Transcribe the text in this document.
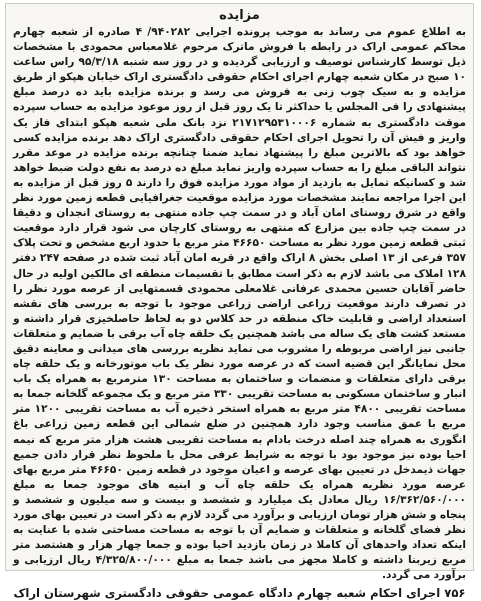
مزایده

به اطلاع عموم می رساند به موجب پرونده اجرایی ۹۴۰۲۸۲/ ۴ صادره از شعبه چهارم محاکم عمومی اراک در رابطه با فروش ماترک مرحوم غلامعباس محمودی با مشخصات ذیل توسط کارشناس توصیف و ارزیابی گردیده و در روز سه شنبه ۹۵/۳/۱۸ راس ساعت ۱۰ صبح در مکان شعبه چهارم اجرای احکام حقوقی دادگستری اراک خیابان هپکو از طریق مزایده و به سیک چوب زنی به فروش می رسد و برنده مزایده باید ده درصد مبلغ پیشنهادی را فی المجلس یا حداکثر تا یک روز قبل از روز موعود مزایده به حساب سپرده موقت دادگستری به شماره ۲۱۷۱۲۹۵۳۱۰۰۰۶ نزد بانک ملی شعبه هپکو ابتدای فاز یک واریز و فیش آن را تحویل اجرای احکام حقوقی دادگستری اراک دهد برنده مزایده کسی خواهد بود که بالاترین مبلغ را پیشنهاد نماید ضمنا چنانچه برنده مزایده در موعد مقرر نتواند الباقی مبلغ را به حساب سپرده واریز نماید مبلغ ده درصد به نفع دولت ضبط خواهد شد و کسانیکه تمایل به بازدید از مواد مورد مزایده فوق را دارند ۵ روز قبل از مزایده به این اجرا مراجعه نمایند مشخصات مورد مزایده موقعیت جغرافیایی قطعه زمین مورد نظر واقع در شرق روستای امان آباد و در سمت چپ جاده منتهی به روستای انجدان و دقیقا در سمت چپ جاده بین مزارع که منتهی به روستای کارچان می شود قرار دارد موقعیت ثبتی قطعه زمین مورد نظر به مساحت ۴۶۶۵۰ متر مربع با حدود اربع مشخص و تحت پلاک ۳۵۷ فرعی از ۱۳ اصلی بخش ۸ اراک واقع در قریه امان آباد ثبت شده در صفحه ۲۴۷ دفتر ۱۲۸ املاک می باشد لازم به ذکر است مطابق با تقسیمات منطقه ای مالکین اولیه در حال حاضر آقایان حسین محمدی عرفانی غلامعلی محمودی قسمتهایی از عرصه مورد نظر را در تصرف دارند موقعیت زراعی اراضی زراعی موجود با توجه به بررسی های نقشه استعداد اراضی و قابلیت خاک منطقه در حد کلاس دو به لحاظ حاصلخیزی قرار داشته و مستعد کشت های یک ساله می باشد همچنین یک حلقه چاه آب برقی با ضمایم و متعلقات جانبی نیز اراضی مربوطه را مشروب می نماید نظریه بررسی های میدانی و معاینه دقیق محل نمایانگر این قضیه است که در عرصه مورد نظر یک باب موتورخانه و یک حلقه چاه برقی دارای متعلقات و منضمات و ساختمان به مساحت ۱۳۰ مترمربع به همراه یک باب انبار و ساختمان مسکونی به مساحت تقریبی ۳۳۰ متر مربع و یک مجموعه گلخانه جمعا به مساحت تقریبی ۴۸۰۰ متر مربع به همراه استخر ذخیره آب به مساحت تقریبی ۱۲۰۰ متر مربع با عمق مناسب وجود دارد همچنین در ضلع شمالی این قطعه زمین زراعی باغ انگوری به همراه چند اصله درخت بادام به مساحت تقریبی هشت هزار متر مربع که نیمه احیا بوده نیز موجود بود با توجه به شرایط عرفی محل با ملحوظ نظر قرار دادن جمیع جهات ذیمدخل در تعیین بهای عرصه و اعیان موجود در قطعه زمین ۴۶۶۵۰ متر مربع بهای عرصه مورد نظریه همراه یک حلقه چاه آب و ابنیه های موجود جمعا به مبلغ ۱۶/۳۶۲/۵۶۰/۰۰۰ ریال معادل یک میلیارد و ششصد و بیست و سه میلیون و ششصد و پنجاه و شش هزار تومان ارزیابی و برآورد می گردد لازم به ذکر است در تعیین بهای مورد نظر فضای گلخانه و متعلقات و ضمایم آن با توجه به مساحت مساحتی شده با عنایت به اینکه تعداد واحدهای آن کاملا در زمان بازدید احیا بوده و جمعا چهار هزار و هشتصد متر مربع زیربنا داشته و کاملا مجهز می باشد جمعا به مبلغ ۴/۳۲۵/۸۰۰/۰۰۰ ریال ارزیابی و برآورد می گردد.

۷۵۶ اجرای احکام شعبه چهارم دادگاه عمومی حقوقی دادگستری شهرستان اراک
